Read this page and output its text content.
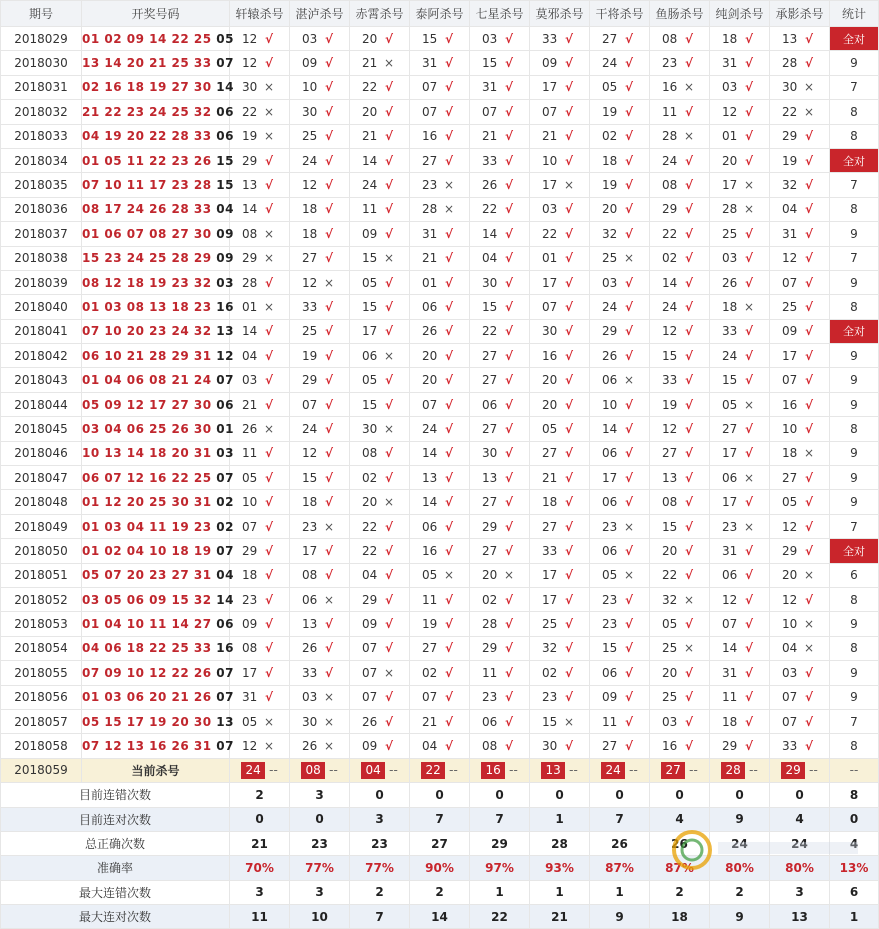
期号	开奖号码	轩辕杀号	湛泸杀号	赤霄杀号	泰阿杀号	七星杀号	莫邪杀号	干将杀号	鱼肠杀号	纯剑杀号	承影杀号	统计
2018029	01 02 09 14 22 25 05	12 √	03 √	20 √	15 √	03 √	33 √	27 √	08 √	18 √	13 √	全对
2018030	13 14 20 21 25 33 07	12 √	09 √	21 ×	31 √	15 √	09 √	24 √	23 √	31 √	28 √	9
2018031	02 16 18 19 27 30 14	30 ×	10 √	22 √	07 √	31 √	17 √	05 √	16 ×	03 √	30 ×	7
2018032	21 22 23 24 25 32 06	22 ×	30 √	20 √	07 √	07 √	07 √	19 √	11 √	12 √	22 ×	8
2018033	04 19 20 22 28 33 06	19 ×	25 √	21 √	16 √	21 √	21 √	02 √	28 ×	01 √	29 √	8
2018034	01 05 11 22 23 26 15	29 √	24 √	14 √	27 √	33 √	10 √	18 √	24 √	20 √	19 √	全对
2018035	07 10 11 17 23 28 15	13 √	12 √	24 √	23 ×	26 √	17 ×	19 √	08 √	17 ×	32 √	7
2018036	08 17 24 26 28 33 04	14 √	18 √	11 √	28 ×	22 √	03 √	20 √	29 √	28 ×	04 √	8
2018037	01 06 07 08 27 30 09	08 ×	18 √	09 √	31 √	14 √	22 √	32 √	22 √	25 √	31 √	9
2018038	15 23 24 25 28 29 09	29 ×	27 √	15 ×	21 √	04 √	01 √	25 ×	02 √	03 √	12 √	7
2018039	08 12 18 19 23 32 03	28 √	12 ×	05 √	01 √	30 √	17 √	03 √	14 √	26 √	07 √	9
2018040	01 03 08 13 18 23 16	01 ×	33 √	15 √	06 √	15 √	07 √	24 √	24 √	18 ×	25 √	8
2018041	07 10 20 23 24 32 13	14 √	25 √	17 √	26 √	22 √	30 √	29 √	12 √	33 √	09 √	全对
2018042	06 10 21 28 29 31 12	04 √	19 √	06 ×	20 √	27 √	16 √	26 √	15 √	24 √	17 √	9
2018043	01 04 06 08 21 24 07	03 √	29 √	05 √	20 √	27 √	20 √	06 ×	33 √	15 √	07 √	9
2018044	05 09 12 17 27 30 06	21 √	07 √	15 √	07 √	06 √	20 √	10 √	19 √	05 ×	16 √	9
2018045	03 04 06 25 26 30 01	26 ×	24 √	30 ×	24 √	27 √	05 √	14 √	12 √	27 √	10 √	8
2018046	10 13 14 18 20 31 03	11 √	12 √	08 √	14 √	30 √	27 √	06 √	27 √	17 √	18 ×	9
2018047	06 07 12 16 22 25 07	05 √	15 √	02 √	13 √	13 √	21 √	17 √	13 √	06 ×	27 √	9
2018048	01 12 20 25 30 31 02	10 √	18 √	20 ×	14 √	27 √	18 √	06 √	08 √	17 √	05 √	9
2018049	01 03 04 11 19 23 02	07 √	23 ×	22 √	06 √	29 √	27 √	23 ×	15 √	23 ×	12 √	7
2018050	01 02 04 10 18 19 07	29 √	17 √	22 √	16 √	27 √	33 √	06 √	20 √	31 √	29 √	全对
2018051	05 07 20 23 27 31 04	18 √	08 √	04 √	05 ×	20 ×	17 √	05 ×	22 √	06 √	20 ×	6
2018052	03 05 06 09 15 32 14	23 √	06 ×	29 √	11 √	02 √	17 √	23 √	32 ×	12 √	12 √	8
2018053	01 04 10 11 14 27 06	09 √	13 √	09 √	19 √	28 √	25 √	23 √	05 √	07 √	10 ×	9
2018054	04 06 18 22 25 33 16	08 √	26 √	07 √	27 √	29 √	32 √	15 √	25 ×	14 √	04 ×	8
2018055	07 09 10 12 22 26 07	17 √	33 √	07 ×	02 √	11 √	02 √	06 √	20 √	31 √	03 √	9
2018056	01 03 06 20 21 26 07	31 √	03 ×	07 √	07 √	23 √	23 √	09 √	25 √	11 √	07 √	9
2018057	05 15 17 19 20 30 13	05 ×	30 ×	26 √	21 √	06 √	15 ×	11 √	03 √	18 √	07 √	7
2018058	07 12 13 16 26 31 07	12 ×	26 ×	09 √	04 √	08 √	30 √	27 √	16 √	29 √	33 √	8
2018059	当前杀号	24 --	08 --	04 --	22 --	16 --	13 --	24 --	27 --	28 --	29 --	--
目前连错次数		2	3	0	0	0	0	0	0	0	0	8
目前连对次数		0	0	3	7	7	1	7	4	9	4	0
总正确次数		21	23	23	27	29	28	26	26	24	24	4
准确率		70%	77%	77%	90%	97%	93%	87%	87%	80%	80%	13%
最大连错次数		3	3	2	2	1	1	1	2	2	3	6
最大连对次数		11	10	7	14	22	21	9	18	9	13	1
